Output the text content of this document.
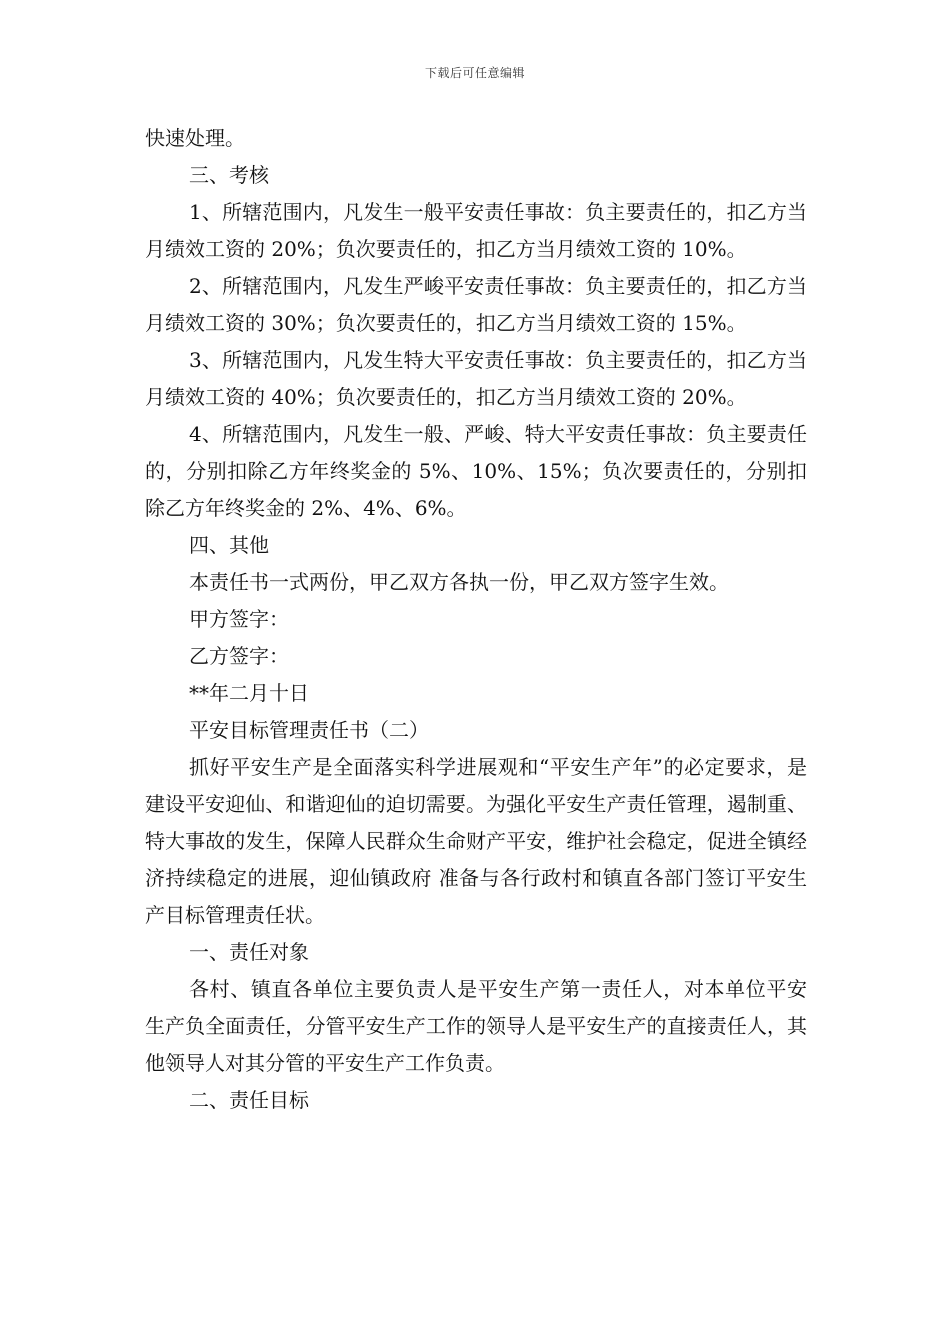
下载后可任意编辑

快速处理。

三、考核

1、所辖范围内，凡发生一般平安责任事故：负主要责任的，扣乙方当月绩效工资的 20%；负次要责任的，扣乙方当月绩效工资的 10%。

2、所辖范围内，凡发生严峻平安责任事故：负主要责任的，扣乙方当月绩效工资的 30%；负次要责任的，扣乙方当月绩效工资的 15%。

3、所辖范围内，凡发生特大平安责任事故：负主要责任的，扣乙方当月绩效工资的 40%；负次要责任的，扣乙方当月绩效工资的 20%。

4、所辖范围内，凡发生一般、严峻、特大平安责任事故：负主要责任的，分别扣除乙方年终奖金的 5%、10%、15%；负次要责任的，分别扣除乙方年终奖金的 2%、4%、6%。

四、其他

本责任书一式两份，甲乙双方各执一份，甲乙双方签字生效。

甲方签字：

乙方签字：

**年二月十日

平安目标管理责任书（二）

抓好平安生产是全面落实科学进展观和“平安生产年”的必定要求，是建设平安迎仙、和谐迎仙的迫切需要。为强化平安生产责任管理，遏制重、特大事故的发生，保障人民群众生命财产平安，维护社会稳定，促进全镇经济持续稳定的进展，迎仙镇政府 准备与各行政村和镇直各部门签订平安生产目标管理责任状。

一、责任对象

各村、镇直各单位主要负责人是平安生产第一责任人，对本单位平安生产负全面责任，分管平安生产工作的领导人是平安生产的直接责任人，其他领导人对其分管的平安生产工作负责。

二、责任目标
